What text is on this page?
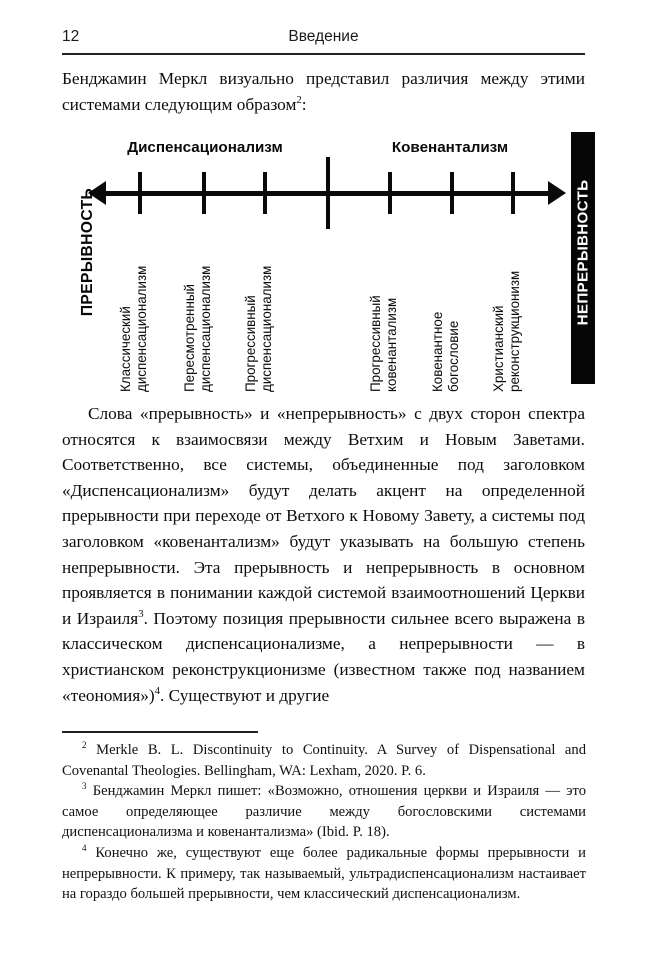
12	Введение
Бенджамин Меркл визуально представил различия между этими системами следующим образом$^2$:
Диспенсационализм	Ковенантализм
ПРЕРЫВНОСТЬ	НЕПРЕРЫВНОСТЬ
Классический диспенсационализм Пересмотренный диспенсационализм Прогрессивный диспенсационализм	Прогрессивный ковенантализм Ковенантное богословие Христианский реконструкционизм
Слова «прерывность» и «непрерывность» с двух сторон спектра относятся к взаимосвязи между Ветхим и Новым Заветами. Соответственно, все системы, объединенные под заголовком «Диспенсационализм» будут делать акцент на определенной прерывности при переходе от Ветхого к Новому Завету, а системы под заголовком «ковенантализм» будут указывать на большую степень непрерывности. Эта прерывность и непрерывность в основном проявляется в понимании каждой системой взаимоотношений Церкви и Израиля$^3$. Поэтому позиция прерывности сильнее всего выражена в классическом диспенсационализме, а непрерывности — в христианском реконструкционизме (известном также под названием «теономия»)$^4$. Существуют и другие

$^2$ Merkle B. L. Discontinuity to Continuity. A Survey of Dispensational and Covenantal Theologies. Bellingham, WA: Lexham, 2020. P. 6.

$^3$ Бенджамин Меркл пишет: «Возможно, отношения церкви и Израиля — это самое определяющее различие между богословскими системами диспенсационализма и ковенантализма» (Ibid. P. 18).

$^4$ Конечно же, существуют еще более радикальные формы прерывности и непрерывности. К примеру, так называемый, ультрадиспенсационализм настаивает на гораздо большей прерывности, чем классический диспенсационализм.
